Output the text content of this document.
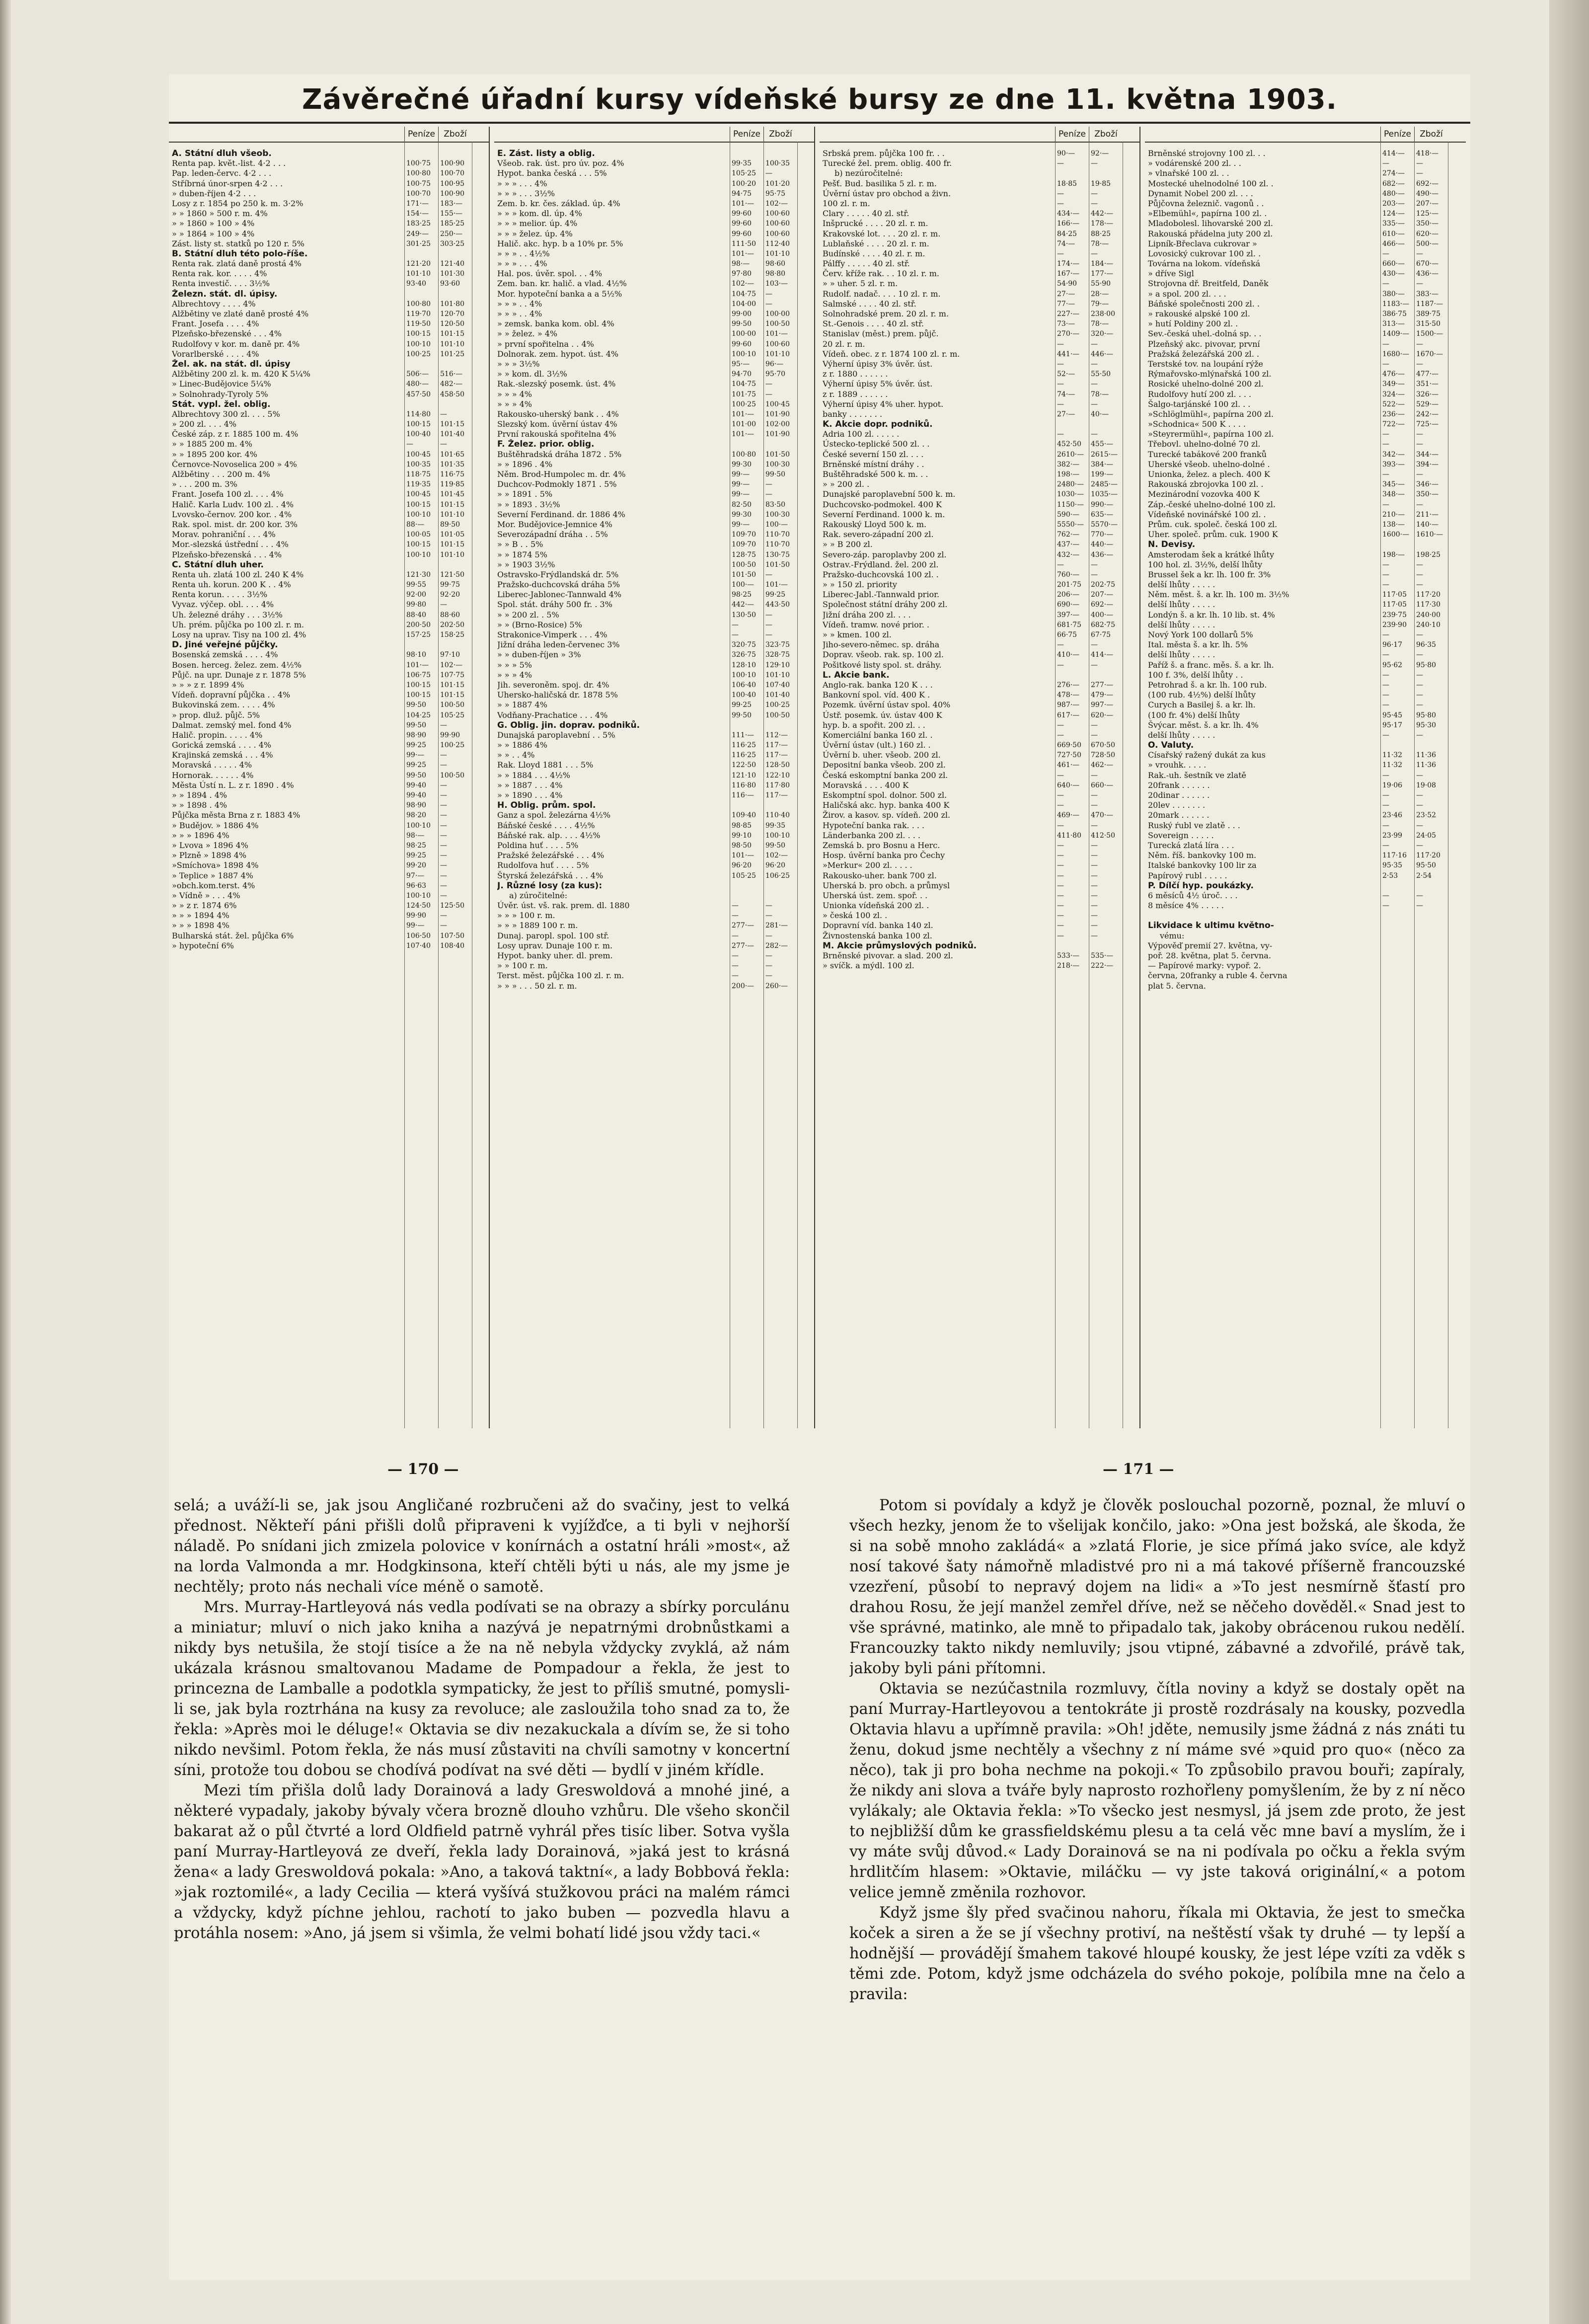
Závěrečné úřadní kursy vídeňské bursy ze dne 11. května 1903.
Peníze	Zboží
A. Státní dluh všeob.
Renta pap. květ.-list. 4·2 . . .	100·75	100·90
Pap. leden-červc. 4·2 . . .	100·80	100·70
Stříbrná únor-srpen 4·2 . . .	100·75	100·95
» duben-říjen 4·2 . . .	100·70	100·90
Losy z r. 1854 po 250 k. m. 3·2%	171·—	183·—
» » 1860 » 500 r. m. 4%	154·—	155·—
» » 1860 » 100 » 4%	183·25	185·25
» » 1864 » 100 » 4%	249·—	250·—
Zást. listy st. statků po 120 r. 5%	301·25	303·25
B. Státní dluh této polo-říše.
Renta rak. zlatá daně prostá 4%	121·20	121·40
Renta rak. kor. . . . . 4%	101·10	101·30
Renta investič. . . . 3½%	93·40	93·60
Železn. stát. dl. úpisy.
Albrechtovy . . . . 4%	100·80	101·80
Alžbětiny ve zlaté daně prosté 4%	119·70	120·70
Frant. Josefa . . . . 4%	119·50	120·50
Plzeňsko-březenské . . . 4%	100·15	101·15
Rudolfovy v kor. m. daně pr. 4%	100·10	101·10
Vorarlberské . . . . 4%	100·25	101·25
Žel. ak. na stát. dl. úpisy
Alžbětiny 200 zl. k. m. 420 K 5¼%	506·—	516·—
» Linec-Budějovice 5¼%	480·—	482·—
» Solnohrady-Tyroly 5%	457·50	458·50
Stát. vypl. žel. oblig.
Albrechtovy 300 zl. . . . 5%	114·80	—
» 200 zl. . . . 4%	100·15	101·15
České záp. z r. 1885 100 m. 4%	100·40	101·40
» » 1885 200 m. 4%	—	—
» » 1895 200 kor. 4%	100·45	101·65
Černovce-Novoselica 200 » 4%	100·35	101·35
Alžbětiny . . . 200 m. 4%	118·75	116·75
» . . . 200 m. 3%	119·35	119·85
Frant. Josefa 100 zl. . . . 4%	100·45	101·45
Halič. Karla Ludv. 100 zl. . 4%	100·15	101·15
Lvovsko-černov. 200 kor. . 4%	100·10	101·10
Rak. spol. mist. dr. 200 kor. 3%	88·—	89·50
Morav. pohraniční . . . 4%	100·05	101·05
Mor.-slezská ústřední . . . 4%	100·15	101·15
Plzeňsko-březenská . . . 4%	100·10	101·10
C. Státní dluh uher.
Renta uh. zlatá 100 zl. 240 K 4%	121·30	121·50
Renta uh. korun. 200 K . . 4%	99·55	99·75
Renta korun. . . . . 3½%	92·00	92·20
Vyvaz. výčep. obl. . . . 4%	99·80	—
Uh. železné dráhy . . . 3½%	88·40	88·60
Uh. prém. půjčka po 100 zl. r. m.	200·50	202·50
Losy na uprav. Tisy na 100 zl. 4%	157·25	158·25
D. Jiné veřejné půjčky.
Bosenská zemská . . . . 4%	98·10	97·10
Bosen. herceg. želez. zem. 4½%	101·—	102·—
Půjč. na upr. Dunaje z r. 1878 5%	106·75	107·75
» » » z r. 1899 4%	100·15	101·15
Vídeň. dopravní půjčka . . 4%	100·15	101·15
Bukovinská zem. . . . . 4%	99·50	100·50
» prop. dluž. půjč. 5%	104·25	105·25
Dalmat. zemský mel. fond 4%	99·50	—
Halič. propin. . . . . 4%	98·90	99·90
Gorická zemská . . . . 4%	99·25	100·25
Krajinská zemská . . . 4%	99·—	—
Moravská . . . . . 4%	99·25	—
Hornorak. . . . . . 4%	99·50	100·50
Města Ústí n. L. z r. 1890 . 4%	99·40	—
» » 1894 . 4%	99·40	—
» » 1898 . 4%	98·90	—
Půjčka města Brna z r. 1883 4%	98·20	—
» Budějov. » 1886 4%	100·10	—
» » » 1896 4%	98·—	—
» Lvova » 1896 4%	98·25	—
» Plzně » 1898 4%	99·25	—
»Smíchova» 1898 4%	99·20	—
» Teplice » 1887 4%	97·—	—
»obch.kom.terst. 4%	96·63	—
» Vídně » . . . 4%	100·10	—
» » z r. 1874 6%	124·50	125·50
» » » 1894 4%	99·90	—
» » » 1898 4%	99·—	—
Bulharská stát. žel. půjčka 6%	106·50	107·50
» hypoteční 6%	107·40	108·40
Peníze	Zboží
E. Zást. listy a oblig.
Všeob. rak. úst. pro úv. poz. 4%	99·35	100·35
Hypot. banka česká . . . 5%	105·25	—
» » » . . . 4%	100·20	101·20
» » » . . . 3½%	94·75	95·75
Zem. b. kr. čes. základ. úp. 4%	101·—	102·—
» » » kom. dl. úp. 4%	99·60	100·60
» » » melior. úp. 4%	99·60	100·60
» » » želez. úp. 4%	99·60	100·60
Halič. akc. hyp. b a 10% pr. 5%	111·50	112·40
» » » . . 4½%	101·—	101·10
» » » . . . 4%	98·—	98·60
Hal. pos. úvěr. spol. . . 4%	97·80	98·80
Zem. ban. kr. halič. a vlad. 4½%	102·—	103·—
Mor. hypoteční banka a a 5½%	104·75	—
» » » . . 4%	104·00	—
» » » . . 4%	99·00	100·00
» zemsk. banka kom. obl. 4%	99·50	100·50
» » želez. » 4%	100·00	101·—
» první spořitelna . . 4%	99·60	100·60
Dolnorak. zem. hypot. úst. 4%	100·10	101·10
» » » 3½%	95·—	96·—
» » kom. dl. 3½%	94·70	95·70
Rak.-slezský posemk. úst. 4%	104·75	—
» » » 4%	101·75	—
» » » 4%	100·25	100·45
Rakousko-uherský bank . . 4%	101·—	101·90
Slezský kom. úvěrní ústav 4%	101·00	102·00
První rakouská spořitelna 4%	101·—	101·90
F. Želez. prior. oblig.
Buštěhradská dráha 1872 . 5%	100·80	101·50
» » 1896 . 4%	99·30	100·30
Něm. Brod-Humpolec m. dr. 4%	99·—	99·50
Duchcov-Podmokly 1871 . 5%	99·—	—
» » 1891 . 5%	99·—	—
» » 1893 . 3½%	82·50	83·50
Severní Ferdinand. dr. 1886 4%	99·30	100·30
Mor. Budějovice-Jemnice 4%	99·—	100·—
Severozápadní dráha . . 5%	109·70	110·70
» » B . . 5%	109·70	110·70
» » 1874 5%	128·75	130·75
» » 1903 3½%	100·50	101·50
Ostravsko-Frýdlandská dr. 5%	101·50	—
Pražsko-duchcovská dráha 5%	100·—	101·—
Liberec-Jablonec-Tannwald 4%	98·25	99·25
Spol. stát. dráhy 500 fr. . 3%	442·—	443·50
» » 200 zl. . 5%	130·50	—
» » (Brno-Rosice) 5%	—	—
Strakonice-Vimperk . . . 4%	—	—
Jižní dráha leden-červenec 3%	320·75	323·75
» » duben-říjen » 3%	326·75	328·75
» » » 5%	128·10	129·10
» » » 4%	100·10	101·10
Jih. severoněm. spoj. dr. 4%	106·40	107·40
Uhersko-haličská dr. 1878 5%	100·40	101·40
» » 1887 4%	99·25	100·25
Vodňany-Prachatice . . . 4%	99·50	100·50
G. Oblig. jin. doprav. podniků.
Dunajská paroplavební . . 5%	111·—	112·—
» » 1886 4%	116·25	117·—
» » . . 4%	116·25	117·—
Rak. Lloyd 1881 . . . 5%	122·50	128·50
» » 1884 . . . 4½%	121·10	122·10
» » 1887 . . . 4%	116·80	117·80
» » 1890 . . . 4%	116·—	117·—
H. Oblig. prům. spol.
Ganz a spol. železárna 4½%	109·40	110·40
Báňské české . . . . 4½%	98·85	99·35
Báňské rak. alp. . . . 4½%	99·10	100·10
Poldina huť . . . . 5%	98·50	99·50
Pražské železářské . . . 4%	101·—	102·—
Rudolfova huť . . . . 5%	96·20	96·20
Štyrská železářská . . . 4%	105·25	106·25
J. Různé losy (za kus):
a) zúročitelné:
Úvěr. úst. vš. rak. prem. dl. 1880	—	—
» » » 100 r. m.	—	—
» » » 1889 100 r. m.	277·—	281·—
Dunaj. paropl. spol. 100 stř.	—	—
Losy uprav. Dunaje 100 r. m.	277·—	282·—
Hypot. banky uher. dl. prem.	—	—
» » 100 r. m.	—	—
Terst. měst. půjčka 100 zl. r. m.	—	—
» » » . . . 50 zl. r. m.	200·—	260·—
Peníze	Zboží
Srbská prem. půjčka 100 fr. . .	90·—	92·—
Turecké žel. prem. oblig. 400 fr.	—	—
b) nezúročitelné:
Pešť. Bud. basilika 5 zl. r. m.	18·85	19·85
Úvěrní ústav pro obchod a živn.	—	—
100 zl. r. m.	—	—
Clary . . . . . 40 zl. stř.	434·—	442·—
Inšprucké . . . . 20 zl. r. m.	166·—	178·—
Krakovské lot. . . . 20 zl. r. m.	84·25	88·25
Lublaňské . . . . 20 zl. r. m.	74·—	78·—
Budínské . . . . 40 zl. r. m.	—	—
Pálffy . . . . . 40 zl. stř.	174·—	184·—
Červ. kříže rak. . . 10 zl. r. m.	167·—	177·—
» » uher. 5 zl. r. m.	54·90	55·90
Rudolf. nadač. . . . 10 zl. r. m.	27·—	28·—
Salmské . . . . 40 zl. stř.	77·—	79·—
Solnohradské prem. 20 zl. r. m.	227·—	238·00
St.-Genois . . . . 40 zl. stř.	73·—	78·—
Stanislav (měst.) prem. půjč.	270·—	320·—
20 zl. r. m.	—	—
Vídeň. obec. z r. 1874 100 zl. r. m.	441·—	446·—
Výherní úpisy 3% úvěr. úst.	—	—
z r. 1880 . . . . . .	52·—	55·50
Výherní úpisy 5% úvěr. úst.	—	—
z r. 1889 . . . . . .	74·—	78·—
Výherní úpisy 4% uher. hypot.	—	—
banky . . . . . . .	27·—	40·—
K. Akcie dopr. podniků.
Adria 100 zl. . . . . .	—	—
Ústecko-teplické 500 zl. . .	452·50	455·—
České severní 150 zl. . . .	2610·— 2615·—
Brněnské místní dráhy . .	382·—	384·—
Buštěhradské 500 k. m. . .	198·—	199·—
» » 200 zl. .	2480·— 2485·—
Dunajské paroplavební 500 k. m.	1030·— 1035·—
Duchcovsko-podmokel. 400 K	1150·— 990·—
Severní Ferdinand. 1000 k. m.	590·—	635·—
Rakouský Lloyd 500 k. m.	5550·— 5570·—
Rak. severo-západní 200 zl.	762·—	770·—
» » B 200 zl.	437·—	440·—
Severo-záp. paroplavby 200 zl.	432·—	436·—
Ostrav.-Frýdland. žel. 200 zl.	—	—
Pražsko-duchcovská 100 zl. .	760·—	—
» » 150 zl. priority	201·75	202·75
Liberec-Jabl.-Tannwald prior.	206·—	207·—
Společnost státní dráhy 200 zl.	690·—	692·—
Jižní dráha 200 zl. . . .	397·—	400·—
Vídeň. tramw. nové prior. .	681·75	682·75
» » kmen. 100 zl.	66·75	67·75
Jiho-severo-němec. sp. dráha	—	—
Doprav. všeob. rak. sp. 100 zl.	410·—	414·—
Pošitkové listy spol. st. dráhy.	—	—
L. Akcie bank.
Anglo-rak. banka 120 K . . .	276·—	277·—
Bankovní spol. víd. 400 K .	478·—	479·—
Pozemk. úvěrní ústav spol. 40%	987·—	997·—
Ústř. posemk. úv. ústav 400 K	617·—	620·—
hyp. b. a spořit. 200 zl. . .	—	—
Komerciální banka 160 zl. .	—	—
Úvěrní ústav (ult.) 160 zl. .	669·50	670·50
Úvěrní b. uher. všeob. 200 zl.	727·50	728·50
Depositní banka všeob. 200 zl.	461·—	462·—
Česká eskomptní banka 200 zl.	—	—
Moravská . . . . 400 K	640·—	660·—
Eskomptní spol. dolnor. 500 zl.	—	—
Haličská akc. hyp. banka 400 K	—	—
Žirov. a kasov. sp. vídeň. 200 zl.	469·—	470·—
Hypoteční banka rak. . . .	—	—
Länderbanka 200 zl. . . .	411·80	412·50
Zemská b. pro Bosnu a Herc.	—	—
Hosp. úvěrní banka pro Čechy	—	—
»Merkur« 200 zl. . . . .	—	—
Rakousko-uher. bank 700 zl.	—	—
Uherská b. pro obch. a průmysl	—	—
Uherská úst. zem. spoř. . .	—	—
Unionka vídeňská 200 zl. .	—	—
» česká 100 zl. .	—	—
Dopravní víd. banka 140 zl.	—	—
Živnostenská banka 100 zl.	—	—
M. Akcie průmyslových podniků.
Brněnské pivovar. a slad. 200 zl.	533·—	535·—
» svíčk. a mýdl. 100 zl.	218·—	222·—
Peníze	Zboží
Brněnské strojovny 100 zl. . .	414·—	418·—
» vodárenské 200 zl. . .	—	—
» vlnařské 100 zl. . .	274·—	—
Mostecké uhelnodolné 100 zl. .	682·—	692·—
Dynamit Nobel 200 zl. . . .	480·—	490·—
Půjčovna železnič. vagonů . .	203·—	207·—
»Elbemühl«, papírna 100 zl. .	124·—	125·—
Mladobolesl. lihovarské 200 zl.	335·—	350·—
Rakouská přádelna juty 200 zl.	610·—	620·—
Lipník-Břeclava cukrovar »	466·—	500·—
Lovosický cukrovar 100 zl. .	—	—
Továrna na lokom. vídeňská	660·—	670·—
» dříve Sigl	430·—	436·—
Strojovna dř. Breitfeld, Daněk	—	—
» a spol. 200 zl. . . .	380·—	383·—
Báňské společnosti 200 zl. .	1183·— 1187·—
» rakouské alpské 100 zl.	386·75	389·75
» hutí Poldiny 200 zl. .	313·—	315·50
Sev.-česká uhel.-dolná sp. . .	1409·— 1500·—
Plzeňský akc. pivovar, první	—	—
Pražská železářská 200 zl. .	1680·— 1670·—
Terstské tov. na loupání rýže	—	—
Rýmařovsko-mlýnařská 100 zl.	476·—	477·—
Rosické uhelno-dolné 200 zl.	349·—	351·—
Rudolfovy hutí 200 zl. . . .	324·—	326·—
Šalgo-tarjánské 100 zl. . .	522·—	529·—
»Schlöglmühl«, papírna 200 zl.	236·—	242·—
»Schodnica« 500 K . . . .	722·—	725·—
»Steyrermühl«, papírna 100 zl.	—	—
Třebovl. uhelno-dolné 70 zl.	—	—
Turecké tabákové 200 franků	342·—	344·—
Uherské všeob. uhelno-dolné .	393·—	394·—
Unionka, želez. a plech. 400 K	—	—
Rakouská zbrojovka 100 zl. .	345·—	346·—
Mezinárodní vozovka 400 K	348·—	350·—
Záp.-české uhelno-dolné 100 zl.	—	—
Vídeňské novinářské 100 zl. .	210·—	211·—
Prům. cuk. společ. česká 100 zl.	138·—	140·—
Uher. společ. prům. cuk. 1900 K	1600·— 1610·—
N. Devisy.
Amsterodam šek a krátké lhůty	198·—	198·25
100 hol. zl. 3½%, delší lhůty	—	—
Brussel šek a kr. lh. 100 fr. 3%	—	—
delší lhůty . . . . .	—	—
Něm. měst. š. a kr. lh. 100 m. 3½%	117·05	117·20
delší lhůty . . . . .	117·05	117·30
Londýn š. a kr. lh. 10 lib. st. 4%	239·75	240·00
delší lhůty . . . . .	239·90	240·10
Nový York 100 dollarů 5%	—	—
Ital. města š. a kr. lh. 5%	96·17	96·35
delší lhůty . . . . .	—	—
Paříž š. a franc. měs. š. a kr. lh.	95·62	95·80
100 f. 3%, delší lhůty . .	—	—
Petrohrad š. a kr. lh. 100 rub.	—	—
(100 rub. 4½%) delší lhůty	—	—
Curych a Basilej š. a kr. lh.	—	—
(100 fr. 4%) delší lhůty	95·45	95·80
Švýcar. měst. š. a kr. lh. 4%	95·17	95·30
delší lhůty . . . . .	—	—
O. Valuty.
Císařský ražený dukát za kus	11·32	11·36
» vrouhk. . . . .	11·32	11·36
Rak.-uh. šestník ve zlatě	—	—
20frank . . . . . .	19·06	19·08
20dinar . . . . . .	—	—
20lev . . . . . . .	—	—
20mark . . . . . .	23·46	23·52
Ruský ŕubl ve zlatě . . .	—	—
Sovereign . . . . .	23·99	24·05
Turecká zlatá líra . . .	—	—
Něm. říš. bankovky 100 m.	117·16	117·20
Italské bankovky 100 lir za	95·35	95·50
Papírový rubl . . . . .	2·53	2·54
P. Dílčí hyp. poukázky.
6 měsíců 4½ úroč. . . .	—	—
8 měsíce 4% . . . . .	—	—
Likvidace k ultimu květno-
vému:
Výpověď premií 27. května, vy-
poř. 28. května, plat 5. června.
— Papírové marky: vypoř. 2.
června, 20franky a ruble 4. června
plat 5. června.
— 170 —	— 171 —

selá; a uváží-li se, jak jsou Angličané rozbručeni až do svačiny, jest to velká přednost. Někteří páni přišli dolů připraveni k vyjížďce, a ti byli v nejhorší náladě. Po snídani jich zmizela polovice v konírnách a ostatní hráli »most«, až na lorda Valmonda a mr. Hodgkinsona, kteří chtěli býti u nás, ale my jsme je nechtěly; proto nás nechali více méně o samotě.

Mrs. Murray-Hartleyová nás vedla podívati se na obrazy a sbírky porculánu a miniatur; mluví o nich jako kniha a nazývá je nepatrnými drobnůstkami a nikdy bys netušila, že stojí tisíce a že na ně nebyla vždycky zvyklá, až nám ukázala krásnou smaltovanou Madame de Pompadour a řekla, že jest to princezna de Lamballe a podotkla sympaticky, že jest to příliš smutné, pomysli-li se, jak byla roztrhána na kusy za revoluce; ale zasloužila toho snad za to, že řekla: »Après moi le déluge!« Oktavia se div nezakuckala a dívím se, že si toho nikdo nevšiml. Potom řekla, že nás musí zůstaviti na chvíli samotny v koncertní síni, protože tou dobou se chodívá podívat na své děti — bydlí v jiném křídle.

Mezi tím přišla dolů lady Dorainová a lady Greswoldová a mnohé jiné, a některé vypadaly, jakoby bývaly včera brozně dlouho vzhůru. Dle všeho skončil bakarat až o půl čtvrté a lord Oldfield patrně vyhrál přes tisíc liber. Sotva vyšla paní Murray-Hartleyová ze dveří, řekla lady Dorainová, »jaká jest to krásná žena« a lady Greswoldová pokala: »Ano, a taková taktní«, a lady Bobbová řekla: »jak roztomilé«, a lady Cecilia — která vyšívá stužkovou práci na malém rámci a vždycky, když píchne jehlou, rachotí to jako buben — pozvedla hlavu a protáhla nosem: »Ano, já jsem si všimla, že velmi bohatí lidé jsou vždy taci.«

Potom si povídaly a když je člověk poslouchal pozorně, poznal, že mluví o všech hezky, jenom že to všelijak končilo, jako: »Ona jest božská, ale škoda, že si na sobě mnoho zakládá« a »zlatá Florie, je sice přímá jako svíce, ale když nosí takové šaty námořně mladistvé pro ni a má takové příšerně francouzské vzezření, působí to nepravý dojem na lidi« a »To jest nesmírně šťastí pro drahou Rosu, že její manžel zemřel dříve, než se něčeho dověděl.« Snad jest to vše správné, matinko, ale mně to připadalo tak, jakoby obrácenou rukou nedělí. Francouzky takto nikdy nemluvily; jsou vtipné, zábavné a zdvořilé, právě tak, jakoby byli páni přítomni.

Oktavia se nezúčastnila rozmluvy, čítla noviny a když se dostaly opět na paní Murray-Hartleyovou a tentokráte ji prostě rozdrásaly na kousky, pozvedla Oktavia hlavu a upřímně pravila: »Oh! jděte, nemusily jsme žádná z nás znáti tu ženu, dokud jsme nechtěly a všechny z ní máme své »quid pro quo« (něco za něco), tak ji pro boha nechme na pokoji.« To způsobilo pravou bouři; zapíraly, že nikdy ani slova a tváře byly naprosto rozhořleny pomyšlením, že by z ní něco vylákaly; ale Oktavia řekla: »To všecko jest nesmysl, já jsem zde proto, že jest to nejbližší dům ke grassfieldskému plesu a ta celá věc mne baví a myslím, že i vy máte svůj důvod.« Lady Dorainová se na ni podívala po očku a řekla svým hrdlitčím hlasem: »Oktavie, miláčku — vy jste taková originální,« a potom velice jemně změnila rozhovor.

Když jsme šly před svačinou nahoru, říkala mi Oktavia, že jest to smečka koček a siren a že se jí všechny protiví, na neštěstí však ty druhé — ty lepší a hodnější — provádějí šmahem takové hloupé kousky, že jest lépe vzíti za vděk s těmi zde. Potom, když jsme odcházela do svého pokoje, políbila mne na čelo a pravila:
